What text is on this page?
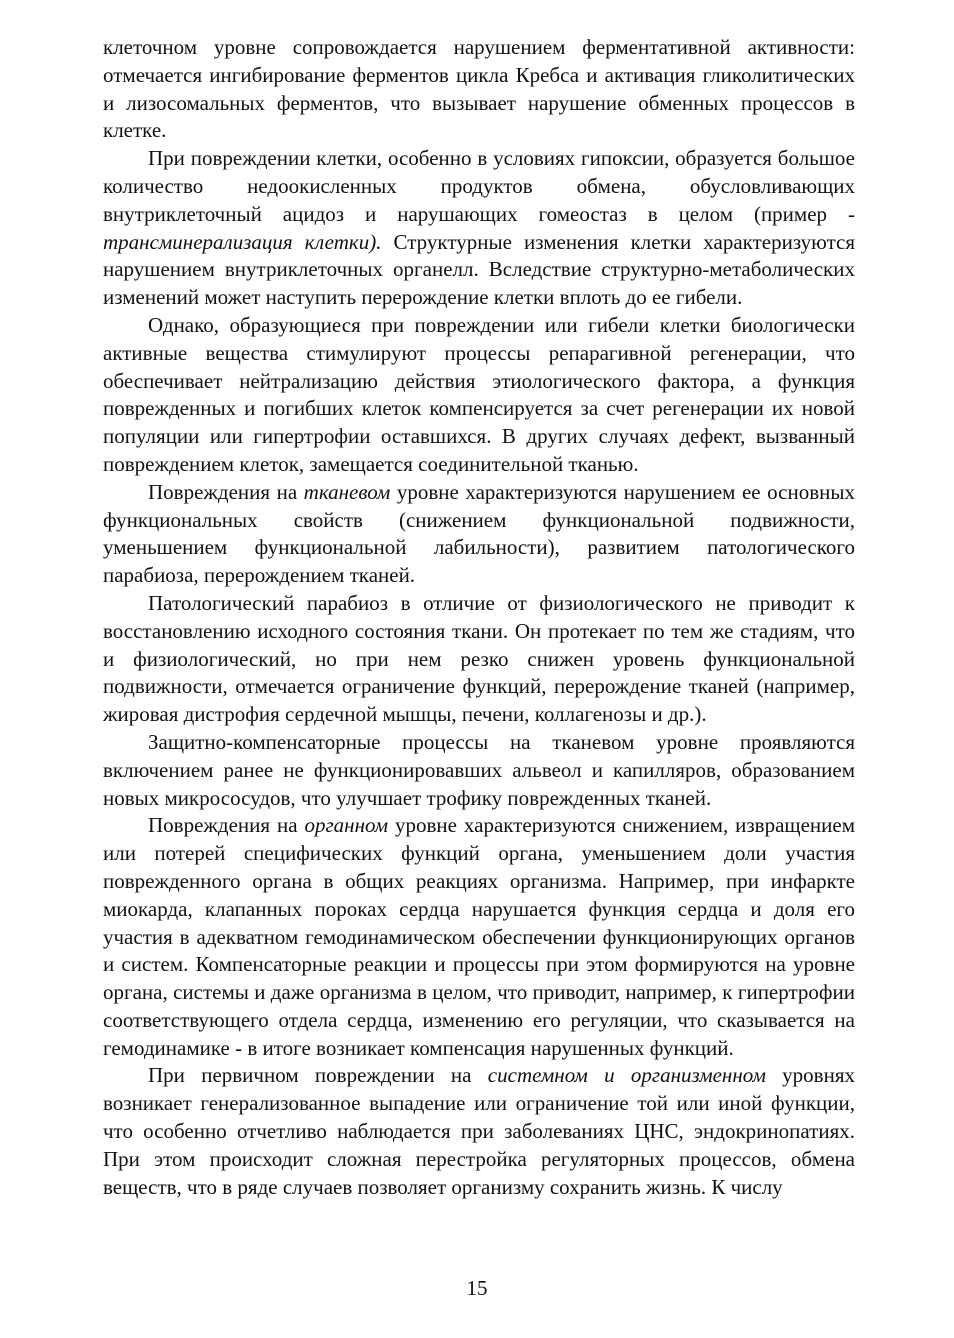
клеточном уровне сопровождается нарушением ферментативной активности: отмечается ингибирование ферментов цикла Кребса и активация гликолитических и лизосомальных ферментов, что вызывает нарушение обменных процессов в клетке.

При повреждении клетки, особенно в условиях гипоксии, образуется большое количество недоокисленных продуктов обмена, обусловливающих внутриклеточный ацидоз и нарушающих гомеостаз в целом (пример - трансминерализация клетки). Структурные изменения клетки характеризуются нарушением внутриклеточных органелл. Вследствие структурно-метаболических изменений может наступить перерождение клетки вплоть до ее гибели.

Однако, образующиеся при повреждении или гибели клетки биологически активные вещества стимулируют процессы репарагивной регенерации, что обеспечивает нейтрализацию действия этиологического фактора, а функция поврежденных и погибших клеток компенсируется за счет регенерации их новой популяции или гипертрофии оставшихся. В других случаях дефект, вызванный повреждением клеток, замещается соединительной тканью.

Повреждения на тканевом уровне характеризуются нарушением ее основных функциональных свойств (снижением функциональной подвижности, уменьшением функциональной лабильности), развитием патологического парабиоза, перерождением тканей.

Патологический парабиоз в отличие от физиологического не приводит к восстановлению исходного состояния ткани. Он протекает по тем же стадиям, что и физиологический, но при нем резко снижен уровень функциональной подвижности, отмечается ограничение функций, перерождение тканей (например, жировая дистрофия сердечной мышцы, печени, коллагенозы и др.).

Защитно-компенсаторные процессы на тканевом уровне проявляются включением ранее не функционировавших альвеол и капилляров, образованием новых микрососудов, что улучшает трофику поврежденных тканей.

Повреждения на органном уровне характеризуются снижением, извращением или потерей специфических функций органа, уменьшением доли участия поврежденного органа в общих реакциях организма. Например, при инфаркте миокарда, клапанных пороках сердца нарушается функция сердца и доля его участия в адекватном гемодинамическом обеспечении функционирующих органов и систем. Компенсаторные реакции и процессы при этом формируются на уровне органа, системы и даже организма в целом, что приводит, например, к гипертрофии соответствующего отдела сердца, изменению его регуляции, что сказывается на гемодинамике - в итоге возникает компенсация нарушенных функций.

При первичном повреждении на системном и организменном уровнях возникает генерализованное выпадение или ограничение той или иной функции, что особенно отчетливо наблюдается при заболеваниях ЦНС, эндокринопатиях. При этом происходит сложная перестройка регуляторных процессов, обмена веществ, что в ряде случаев позволяет организму сохранить жизнь. К числу

15
